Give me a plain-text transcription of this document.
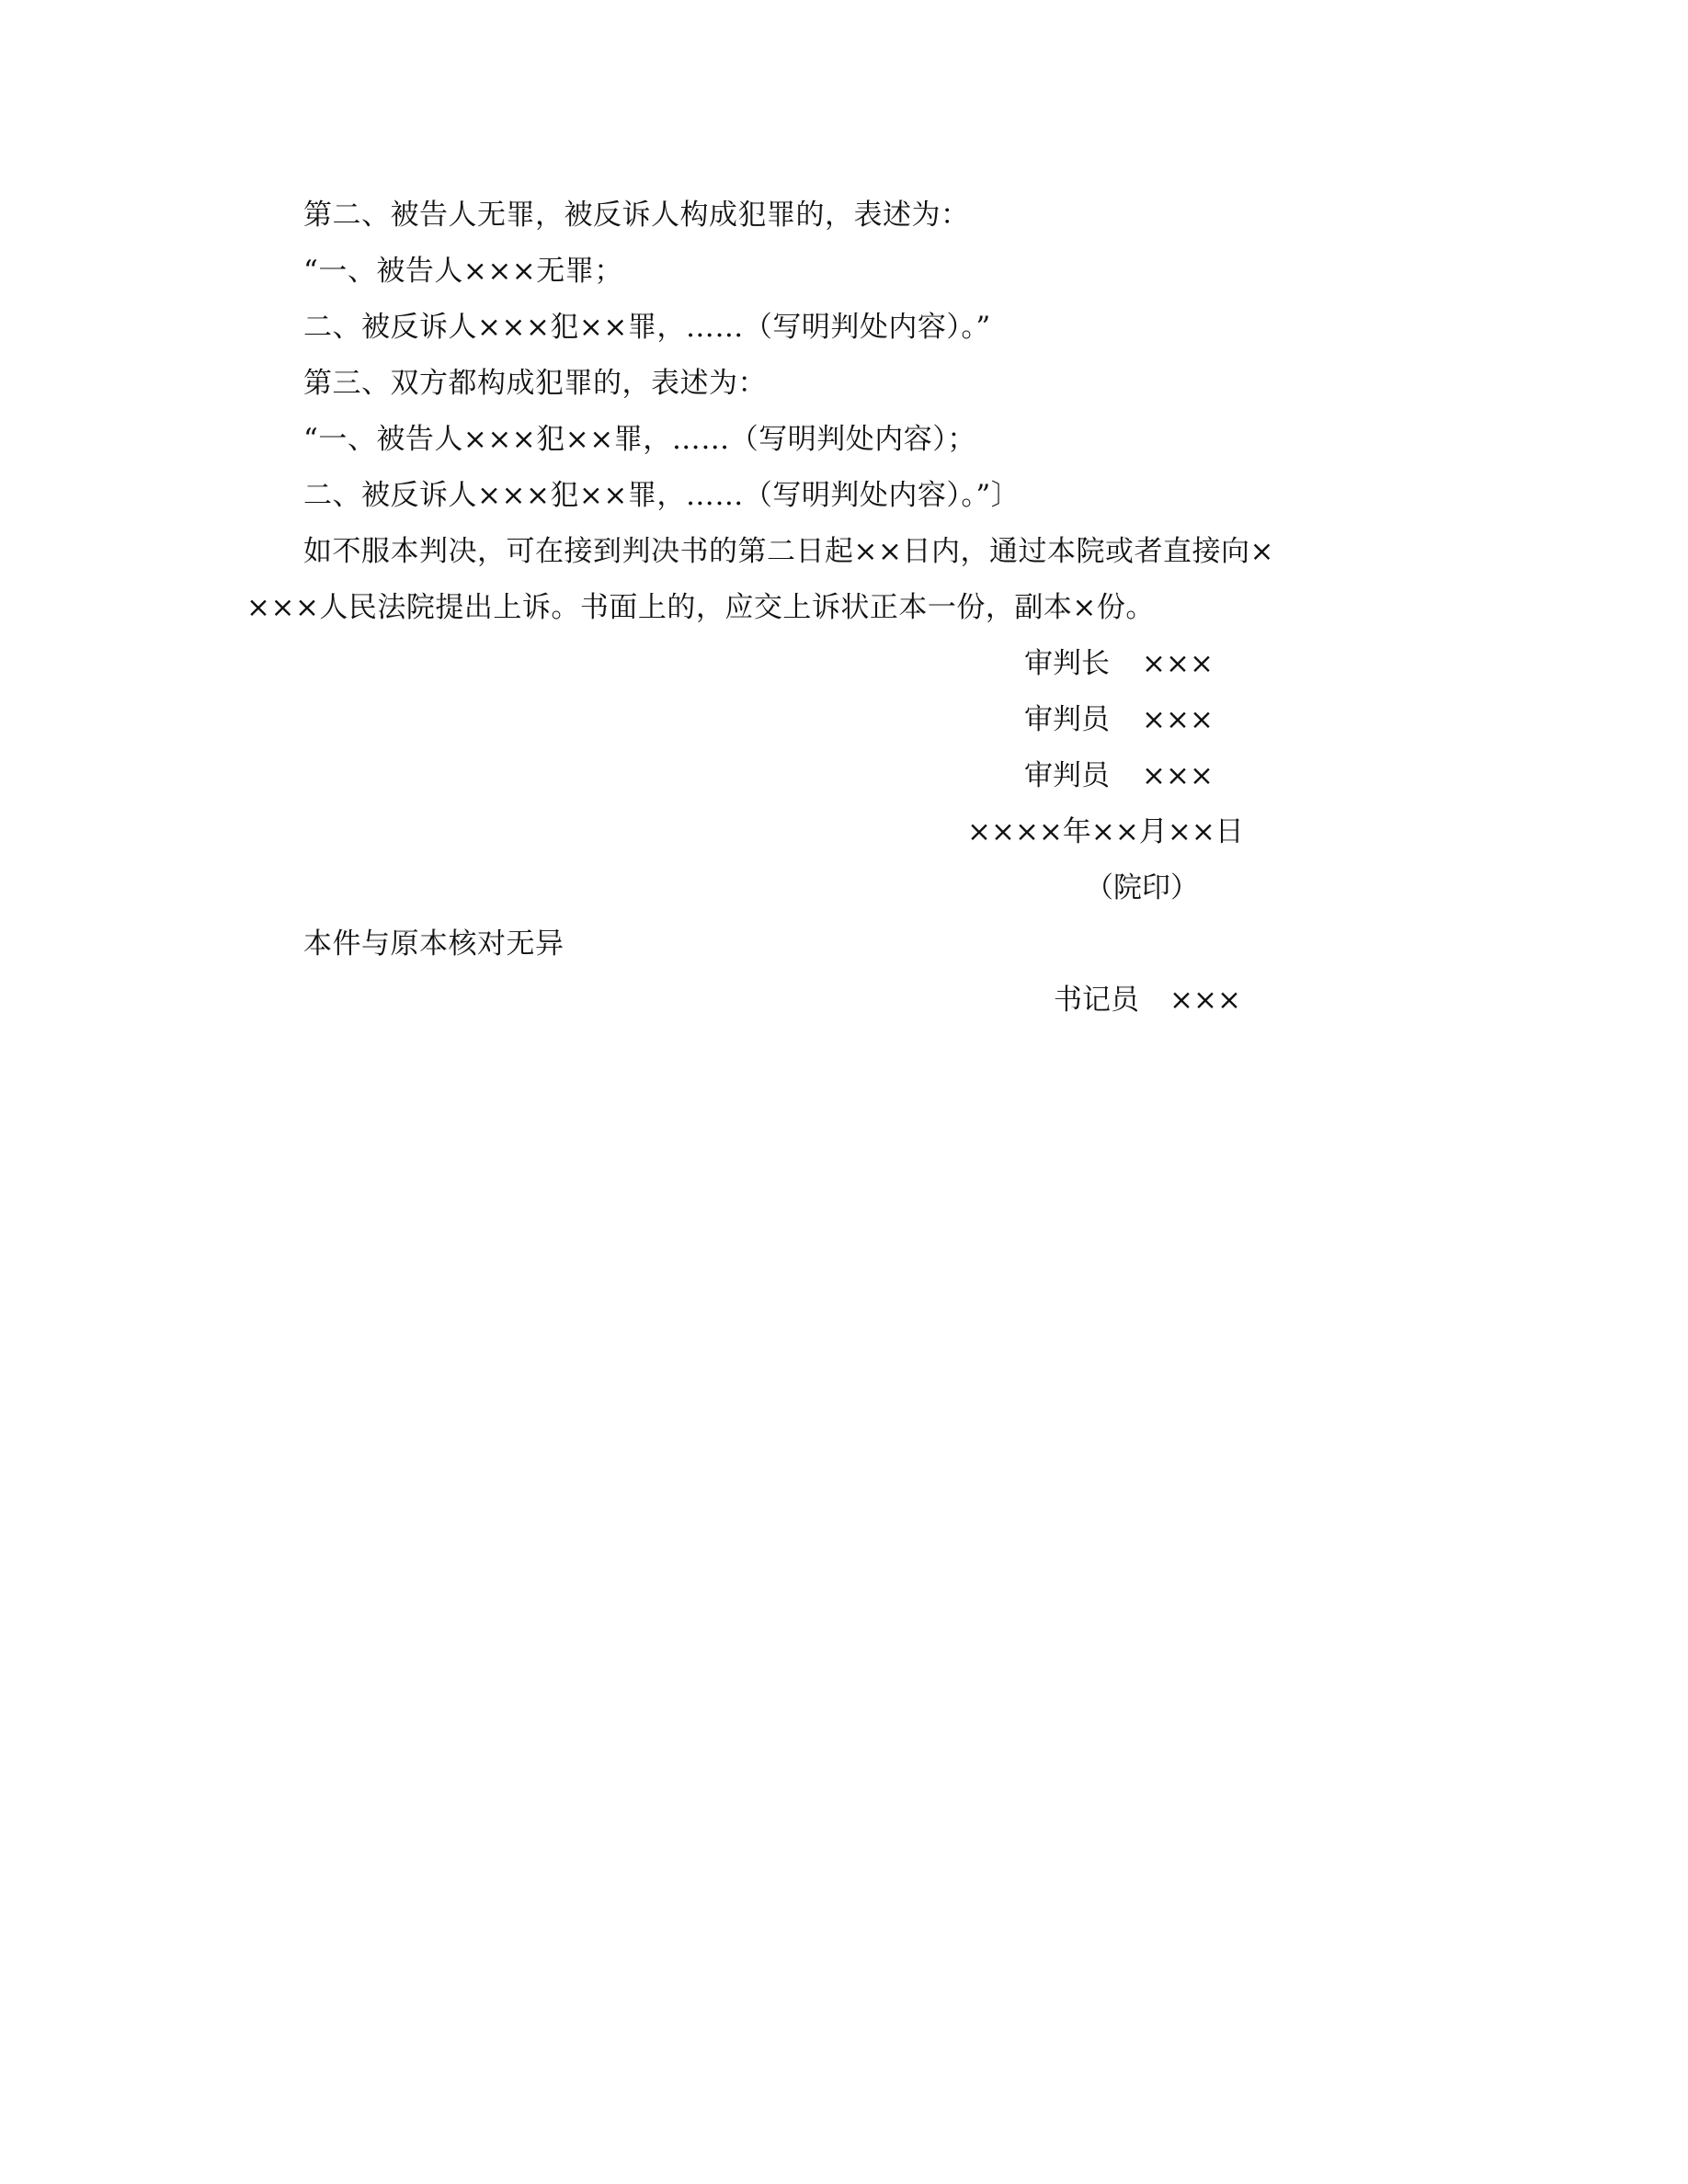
第二、被告人无罪，被反诉人构成犯罪的，表述为：
“一、被告人×××无罪；
二、被反诉人×××犯××罪，……（写明判处内容）。”
第三、双方都构成犯罪的，表述为：
“一、被告人×××犯××罪，……（写明判处内容）；
二、被反诉人×××犯××罪，……（写明判处内容）。”〕
如不服本判决，可在接到判决书的第二日起××日内，通过本院或者直接向×
×××人民法院提出上诉。书面上的，应交上诉状正本一份，副本×份。
审判长 ×××
审判员 ×××
审判员 ×××
××××年××月××日
（院印）
本件与原本核对无异
书记员 ×××
